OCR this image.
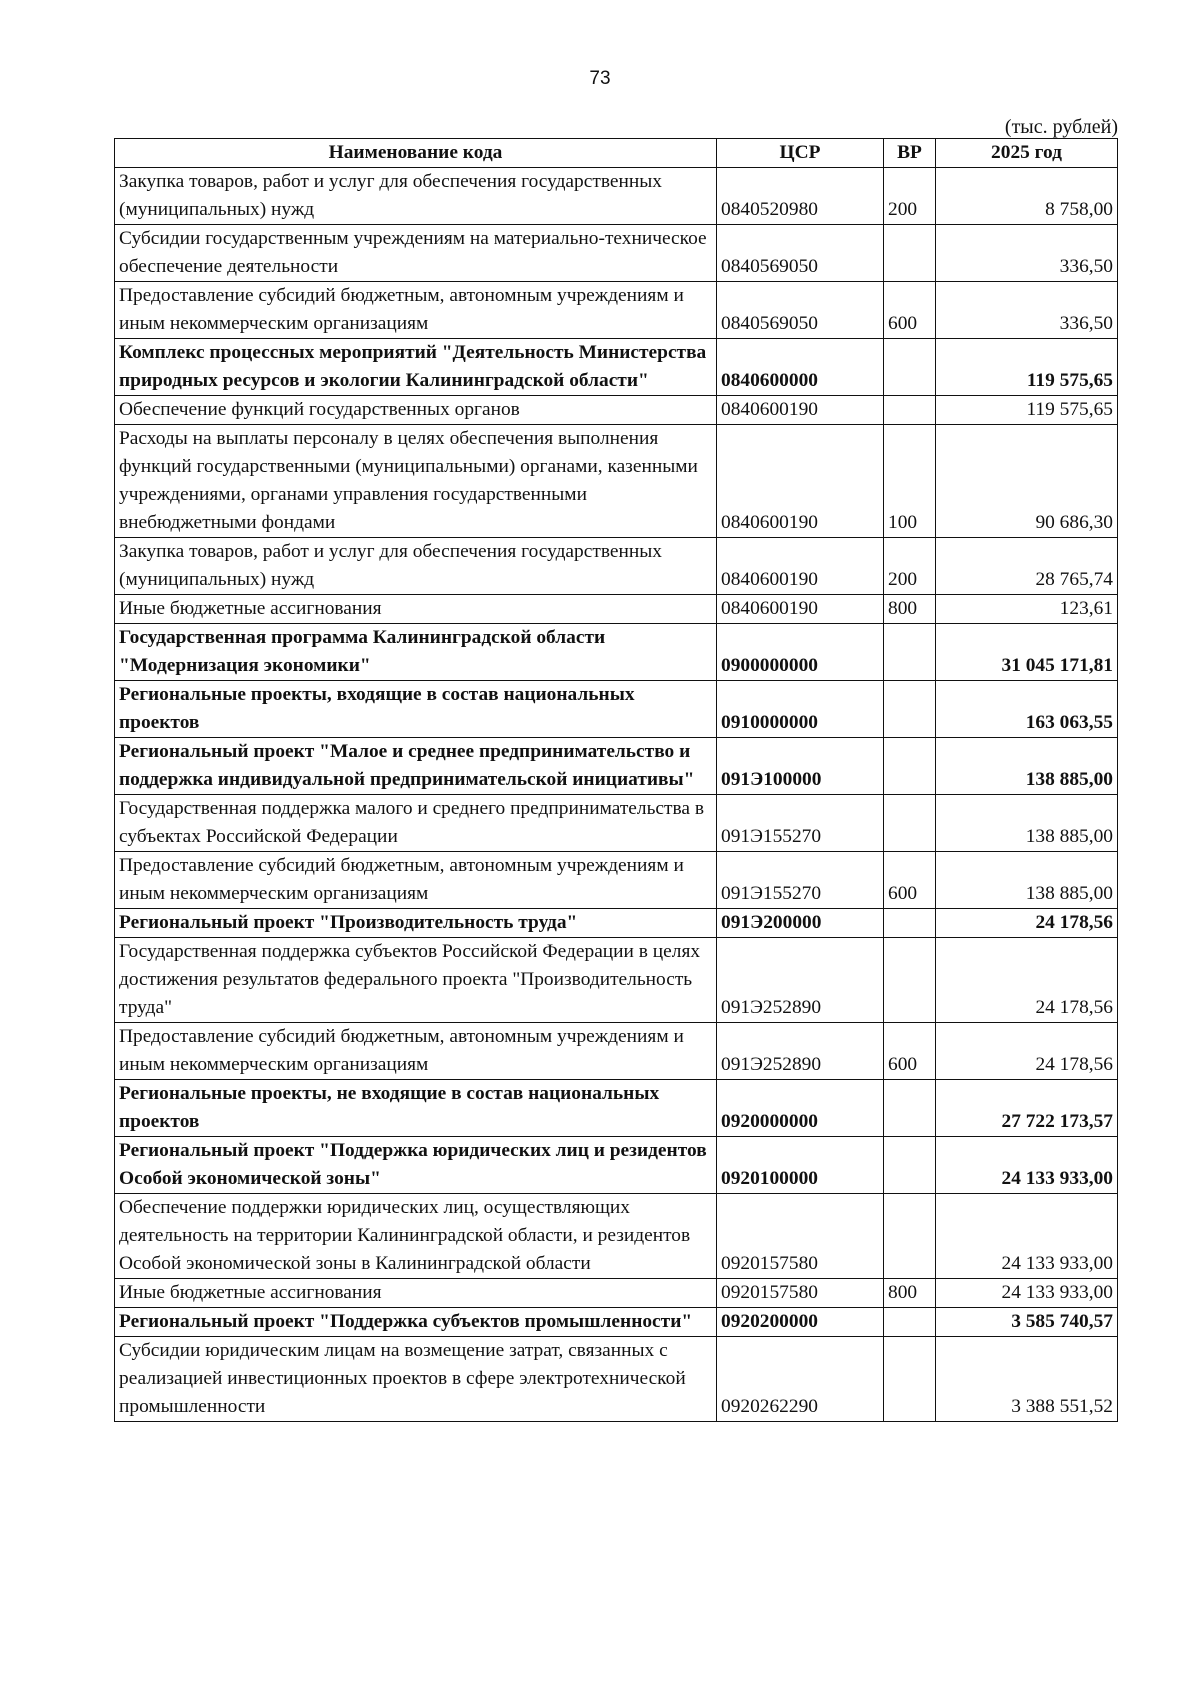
73
(тыс. рублей)
Наименование кода	ЦСР	ВР	2025 год
Закупка товаров, работ и услуг для обеспечения государственных (муниципальных) нужд	0840520980	200	8 758,00
Субсидии государственным учреждениям на материально-техническое обеспечение деятельности	0840569050		336,50
Предоставление субсидий бюджетным, автономным учреждениям и иным некоммерческим организациям	0840569050	600	336,50
Комплекс процессных мероприятий "Деятельность Министерства природных ресурсов и экологии Калининградской области"	0840600000		119 575,65
Обеспечение функций государственных органов	0840600190		119 575,65
Расходы на выплаты персоналу в целях обеспечения выполнения функций государственными (муниципальными) органами, казенными учреждениями, органами управления государственными внебюджетными фондами	0840600190	100	90 686,30
Закупка товаров, работ и услуг для обеспечения государственных (муниципальных) нужд	0840600190	200	28 765,74
Иные бюджетные ассигнования	0840600190	800	123,61
Государственная программа Калининградской области "Модернизация экономики"	0900000000		31 045 171,81
Региональные проекты, входящие в состав национальных проектов	0910000000		163 063,55
Региональный проект "Малое и среднее предпринимательство и поддержка индивидуальной предпринимательской инициативы"	091Э100000		138 885,00
Государственная поддержка малого и среднего предпринимательства в субъектах Российской Федерации	091Э155270		138 885,00
Предоставление субсидий бюджетным, автономным учреждениям и иным некоммерческим организациям	091Э155270	600	138 885,00
Региональный проект "Производительность труда"	091Э200000		24 178,56
Государственная поддержка субъектов Российской Федерации в целях достижения результатов федерального проекта "Производительность труда"	091Э252890		24 178,56
Предоставление субсидий бюджетным, автономным учреждениям и иным некоммерческим организациям	091Э252890	600	24 178,56
Региональные проекты, не входящие в состав национальных проектов	0920000000		27 722 173,57
Региональный проект "Поддержка юридических лиц и резидентов Особой экономической зоны"	0920100000		24 133 933,00
Обеспечение поддержки юридических лиц, осуществляющих деятельность на территории Калининградской области, и резидентов Особой экономической зоны в Калининградской области	0920157580		24 133 933,00
Иные бюджетные ассигнования	0920157580	800	24 133 933,00
Региональный проект "Поддержка субъектов промышленности"	0920200000		3 585 740,57
Субсидии юридическим лицам на возмещение затрат, связанных с реализацией инвестиционных проектов в сфере электротехнической промышленности	0920262290		3 388 551,52
